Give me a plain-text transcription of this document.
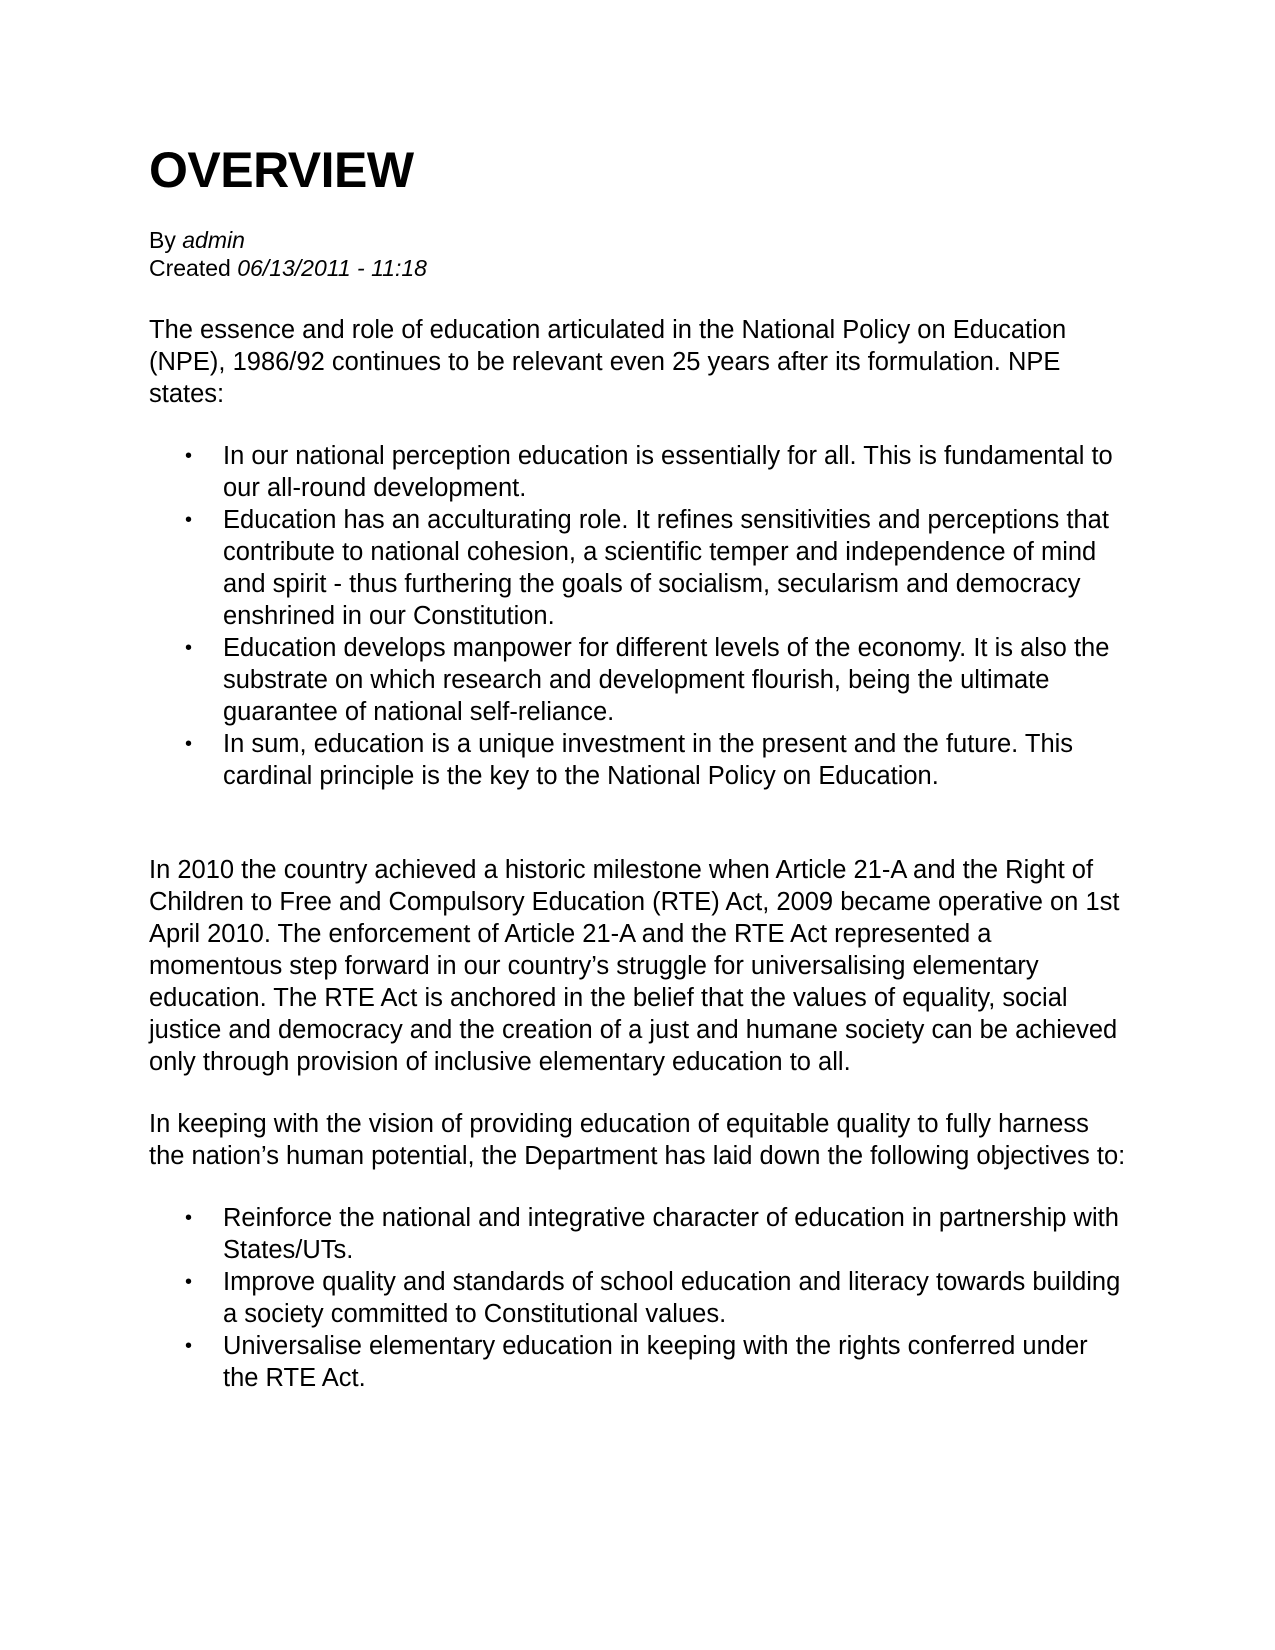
OVERVIEW
By admin
Created 06/13/2011 - 11:18

The essence and role of education articulated in the National Policy on Education (NPE), 1986/92 continues to be relevant even 25 years after its formulation. NPE states:

• In our national perception education is essentially for all. This is fundamental to our all-round development.
• Education has an acculturating role. It refines sensitivities and perceptions that contribute to national cohesion, a scientific temper and independence of mind and spirit - thus furthering the goals of socialism, secularism and democracy enshrined in our Constitution.
• Education develops manpower for different levels of the economy. It is also the substrate on which research and development flourish, being the ultimate guarantee of national self-reliance.
• In sum, education is a unique investment in the present and the future. This cardinal principle is the key to the National Policy on Education.

In 2010 the country achieved a historic milestone when Article 21-A and the Right of Children to Free and Compulsory Education (RTE) Act, 2009 became operative on 1st April 2010. The enforcement of Article 21-A and the RTE Act represented a momentous step forward in our country’s struggle for universalising elementary education. The RTE Act is anchored in the belief that the values of equality, social justice and democracy and the creation of a just and humane society can be achieved only through provision of inclusive elementary education to all.

In keeping with the vision of providing education of equitable quality to fully harness the nation’s human potential, the Department has laid down the following objectives to:

• Reinforce the national and integrative character of education in partnership with States/UTs.
• Improve quality and standards of school education and literacy towards building a society committed to Constitutional values.
• Universalise elementary education in keeping with the rights conferred under the RTE Act.
